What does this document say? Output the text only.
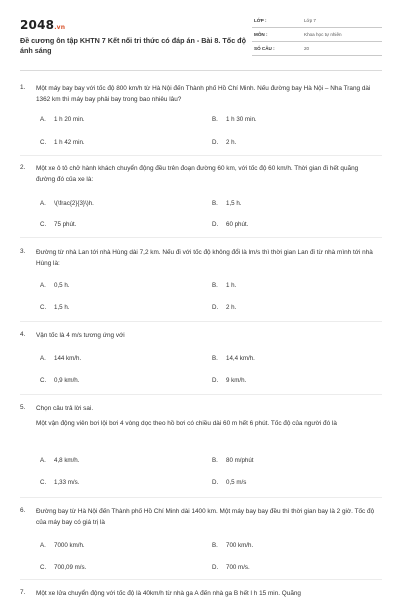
2048.vn
Đề cương ôn tập KHTN 7 Kết nối tri thức có đáp án - Bài 8. Tốc độ ánh sáng
LỚP :	Lớp 7
MÔN :	Khoa học tự nhiên
SỐ CÂU :	20
1. Một máy bay bay với tốc độ 800 km/h từ Hà Nội đến Thành phố Hồ Chí Minh. Nếu đường bay Hà Nội – Nha Trang dài 1362 km thì máy bay phải bay trong bao nhiêu lâu?
A. 1 h 20 min.	B. 1 h 30 min.
C. 1 h 42 min.	D. 2 h.
2. Một xe ô tô chở hành khách chuyển động đều trên đoạn đường 60 km, với tốc độ 60 km/h. Thời gian đi hết quãng đường đó của xe là:
A. \(\frac{2}{3}\)h.	B. 1,5 h.
C. 75 phút.	D. 60 phút.
3. Đường từ nhà Lan tới nhà Hùng dài 7,2 km. Nếu đi với tốc độ không đổi là lm/s thì thời gian Lan đi từ nhà mình tới nhà Hùng là:
A. 0,5 h.	B. 1 h.
C. 1,5 h.	D. 2 h.
4. Vận tốc là 4 m/s tương ứng với
A. 144 km/h.	B. 14,4 km/h.
C. 0,9 km/h.	D. 9 km/h.
5. Chọn câu trả lời sai.
Một vận động viên bơi lội bơi 4 vòng dọc theo hồ bơi có chiều dài 60 m hết 6 phút. Tốc độ của người đó là
A. 4,8 km/h.	B. 80 m/phút
C. 1,33 m/s.	D. 0,5 m/s
6. Đường bay từ Hà Nội đến Thành phố Hồ Chí Minh dài 1400 km. Một máy bay bay đều thì thời gian bay là 2 giờ. Tốc độ của máy bay có giá trị là
A. 7000 km/h.	B. 700 km/h.
C. 700,09 m/s.	D. 700 m/s.
7. Một xe lửa chuyển động với tốc độ là 40km/h từ nhà ga A đến nhà ga B hết l h 15 min. Quãng
